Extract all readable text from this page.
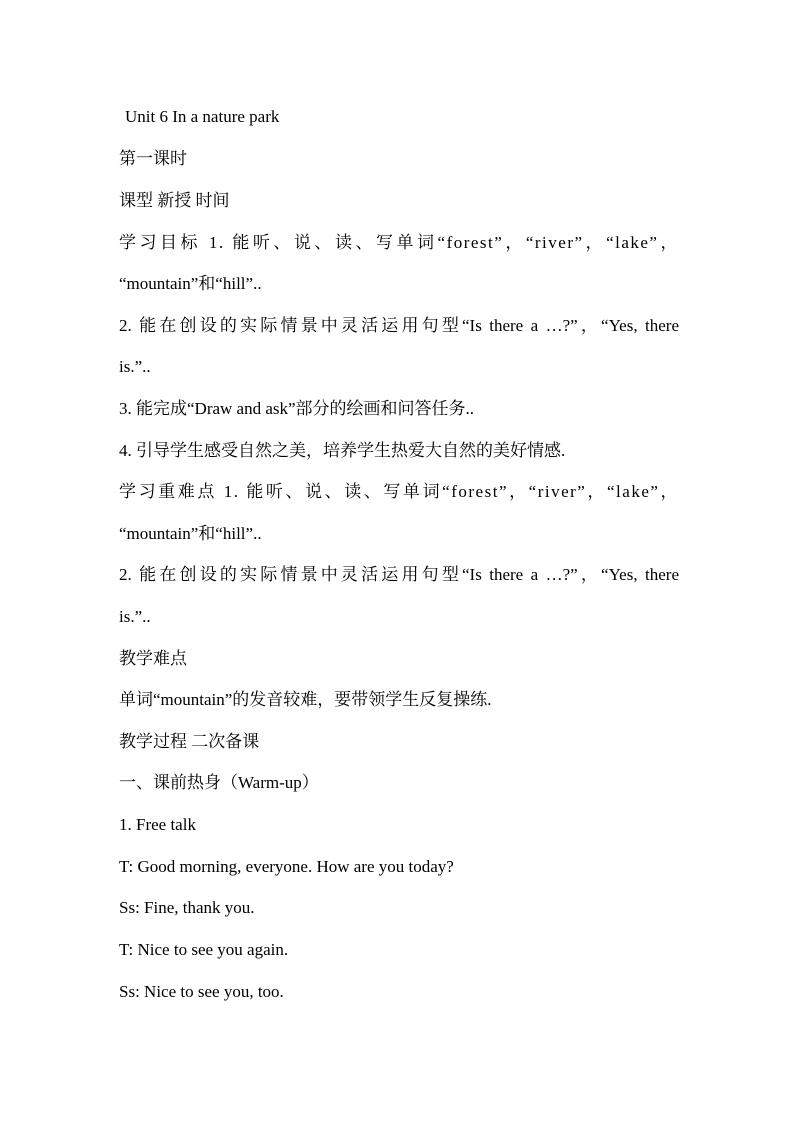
Unit 6 In a nature park
第一课时
课型 新授 时间
学习目标 1. 能听、说、读、写单词“forest”，“river”，“lake”，
“mountain”和“hill”..
2. 能在创设的实际情景中灵活运用句型“Is there a …?”，“Yes, there
is.”..
3. 能完成“Draw and ask”部分的绘画和问答任务..
4. 引导学生感受自然之美，培养学生热爱大自然的美好情感.
学习重难点 1. 能听、说、读、写单词“forest”，“river”，“lake”，
“mountain”和“hill”..
2. 能在创设的实际情景中灵活运用句型“Is there a …?”，“Yes, there
is.”..
教学难点
单词“mountain”的发音较难，要带领学生反复操练.
教学过程 二次备课
一、课前热身（Warm-up）
1. Free talk
T: Good morning, everyone. How are you today?
Ss: Fine, thank you.
T: Nice to see you again.
Ss: Nice to see you, too.
